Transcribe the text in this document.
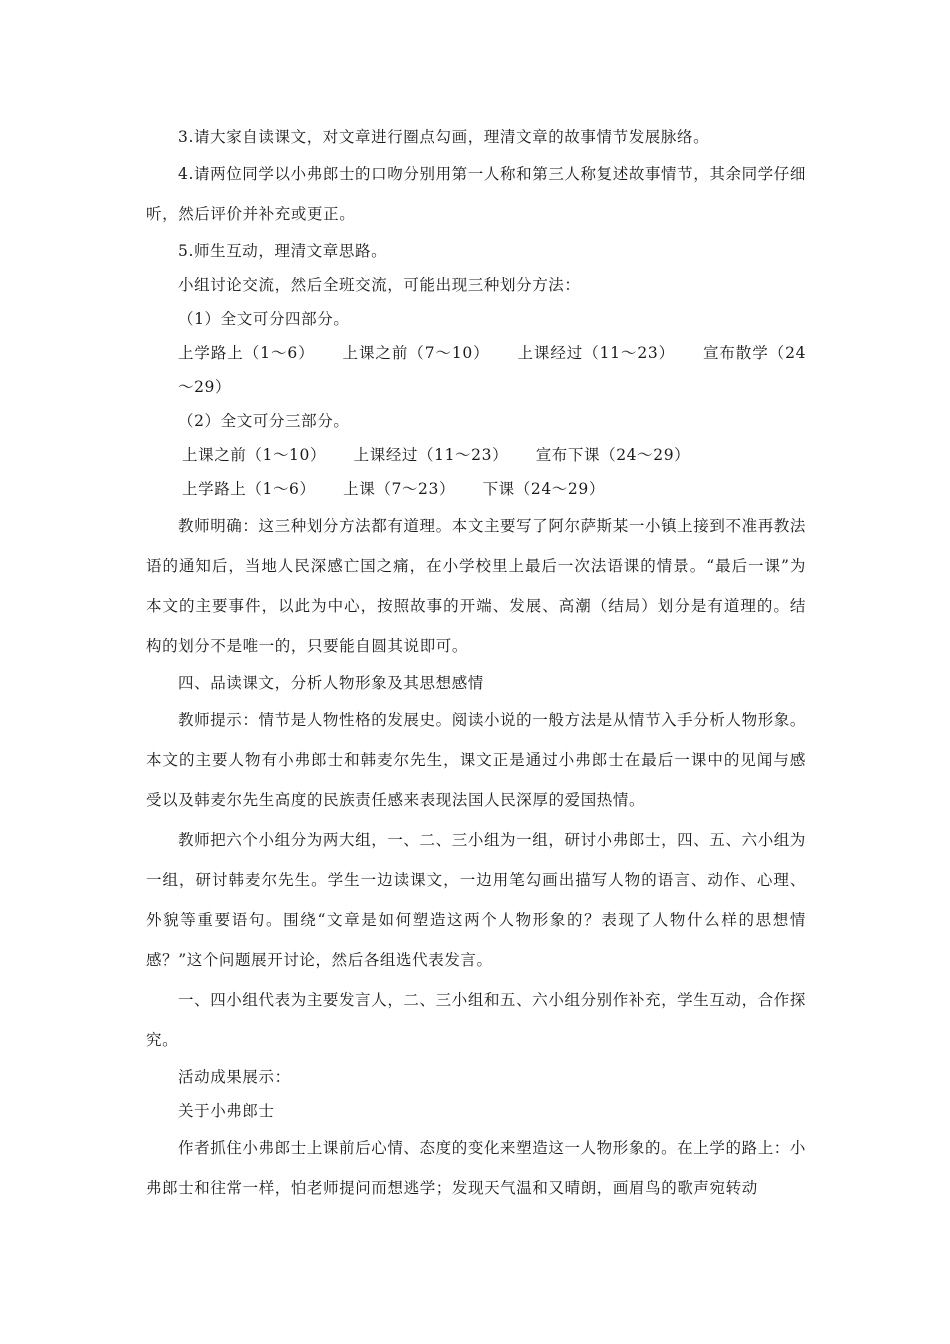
3.请大家自读课文，对文章进行圈点勾画，理清文章的故事情节发展脉络。

4.请两位同学以小弗郎士的口吻分别用第一人称和第三人称复述故事情节，其余同学仔细听，然后评价并补充或更正。

5.师生互动，理清文章思路。

小组讨论交流，然后全班交流，可能出现三种划分方法：

（1）全文可分四部分。

上学路上（1～6） 上课之前（7～10） 上课经过（11～23） 宣布散学（24～29）

（2）全文可分三部分。

上课之前（1～10） 上课经过（11～23） 宣布下课（24～29）

上学路上（1～6） 上课（7～23） 下课（24～29）

教师明确：这三种划分方法都有道理。本文主要写了阿尔萨斯某一小镇上接到不准再教法语的通知后，当地人民深感亡国之痛，在小学校里上最后一次法语课的情景。“最后一课”为本文的主要事件，以此为中心，按照故事的开端、发展、高潮（结局）划分是有道理的。结构的划分不是唯一的，只要能自圆其说即可。

四、品读课文，分析人物形象及其思想感情

教师提示：情节是人物性格的发展史。阅读小说的一般方法是从情节入手分析人物形象。本文的主要人物有小弗郎士和韩麦尔先生，课文正是通过小弗郎士在最后一课中的见闻与感受以及韩麦尔先生高度的民族责任感来表现法国人民深厚的爱国热情。

教师把六个小组分为两大组，一、二、三小组为一组，研讨小弗郎士，四、五、六小组为一组，研讨韩麦尔先生。学生一边读课文，一边用笔勾画出描写人物的语言、动作、心理、外貌等重要语句。围绕“文章是如何塑造这两个人物形象的？表现了人物什么样的思想情感？”这个问题展开讨论，然后各组选代表发言。

一、四小组代表为主要发言人，二、三小组和五、六小组分别作补充，学生互动，合作探究。

活动成果展示：

关于小弗郎士

作者抓住小弗郎士上课前后心情、态度的变化来塑造这一人物形象的。在上学的路上：小弗郎士和往常一样，怕老师提问而想逃学；发现天气温和又晴朗，画眉鸟的歌声宛转动
